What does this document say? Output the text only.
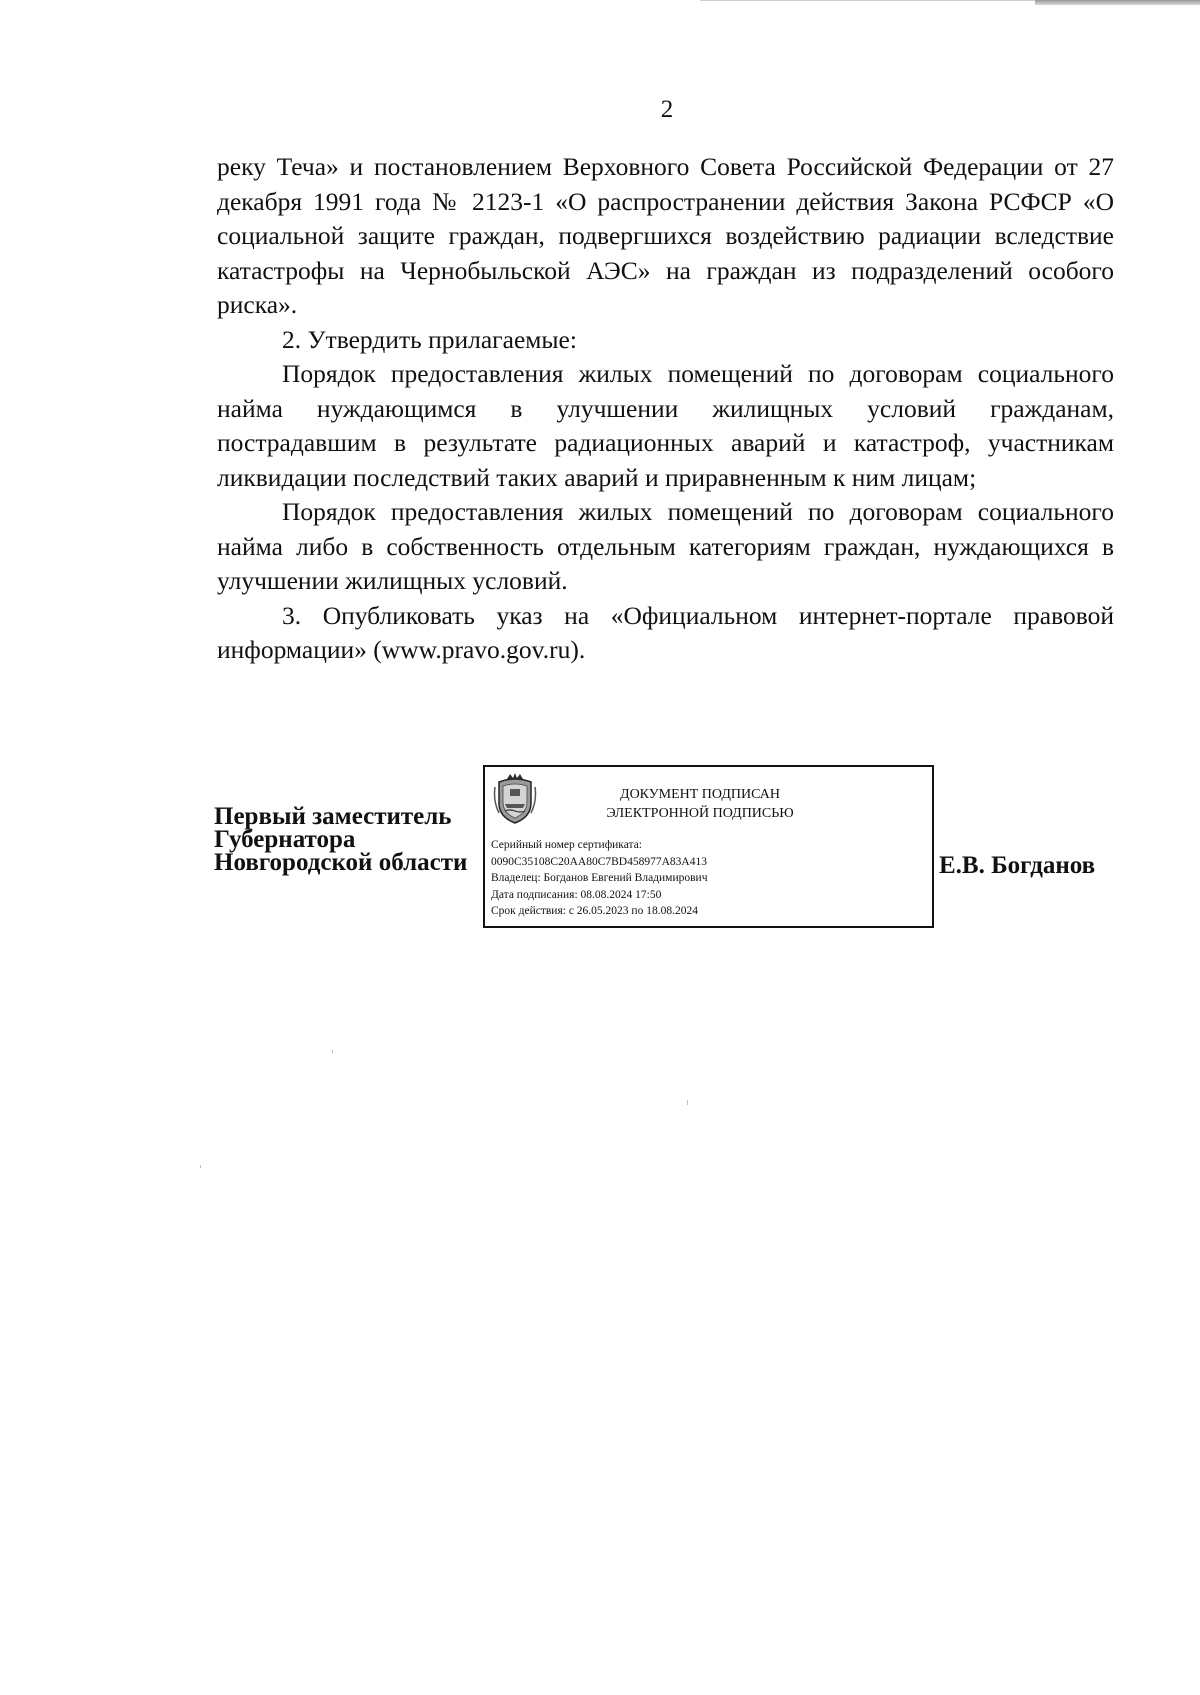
2

реку Теча» и постановлением Верховного Совета Российской Федерации от 27 декабря 1991 года № 2123-1 «О распространении действия Закона РСФСР «О социальной защите граждан, подвергшихся воздействию радиации вследствие катастрофы на Чернобыльской АЭС» на граждан из подразделений особого риска».

2. Утвердить прилагаемые:

Порядок предоставления жилых помещений по договорам социального найма нуждающимся в улучшении жилищных условий гражданам, пострадавшим в результате радиационных аварий и катастроф, участникам ликвидации последствий таких аварий и приравненным к ним лицам;

Порядок предоставления жилых помещений по договорам социального найма либо в собственность отдельным категориям граждан, нуждающихся в улучшении жилищных условий.

3. Опубликовать указ на «Официальном интернет-портале правовой информации» (www.pravo.gov.ru).

Первый заместитель
Губернатора
Новгородской области
ДОКУМЕНТ ПОДПИСАН
ЭЛЕКТРОННОЙ ПОДПИСЬЮ
Серийный номер сертификата:
0090C35108C20AA80C7BD458977A83A413
Владелец: Богданов Евгений Владимирович
Дата подписания: 08.08.2024 17:50
Срок действия: с 26.05.2023 по 18.08.2024
Е.В. Богданов
